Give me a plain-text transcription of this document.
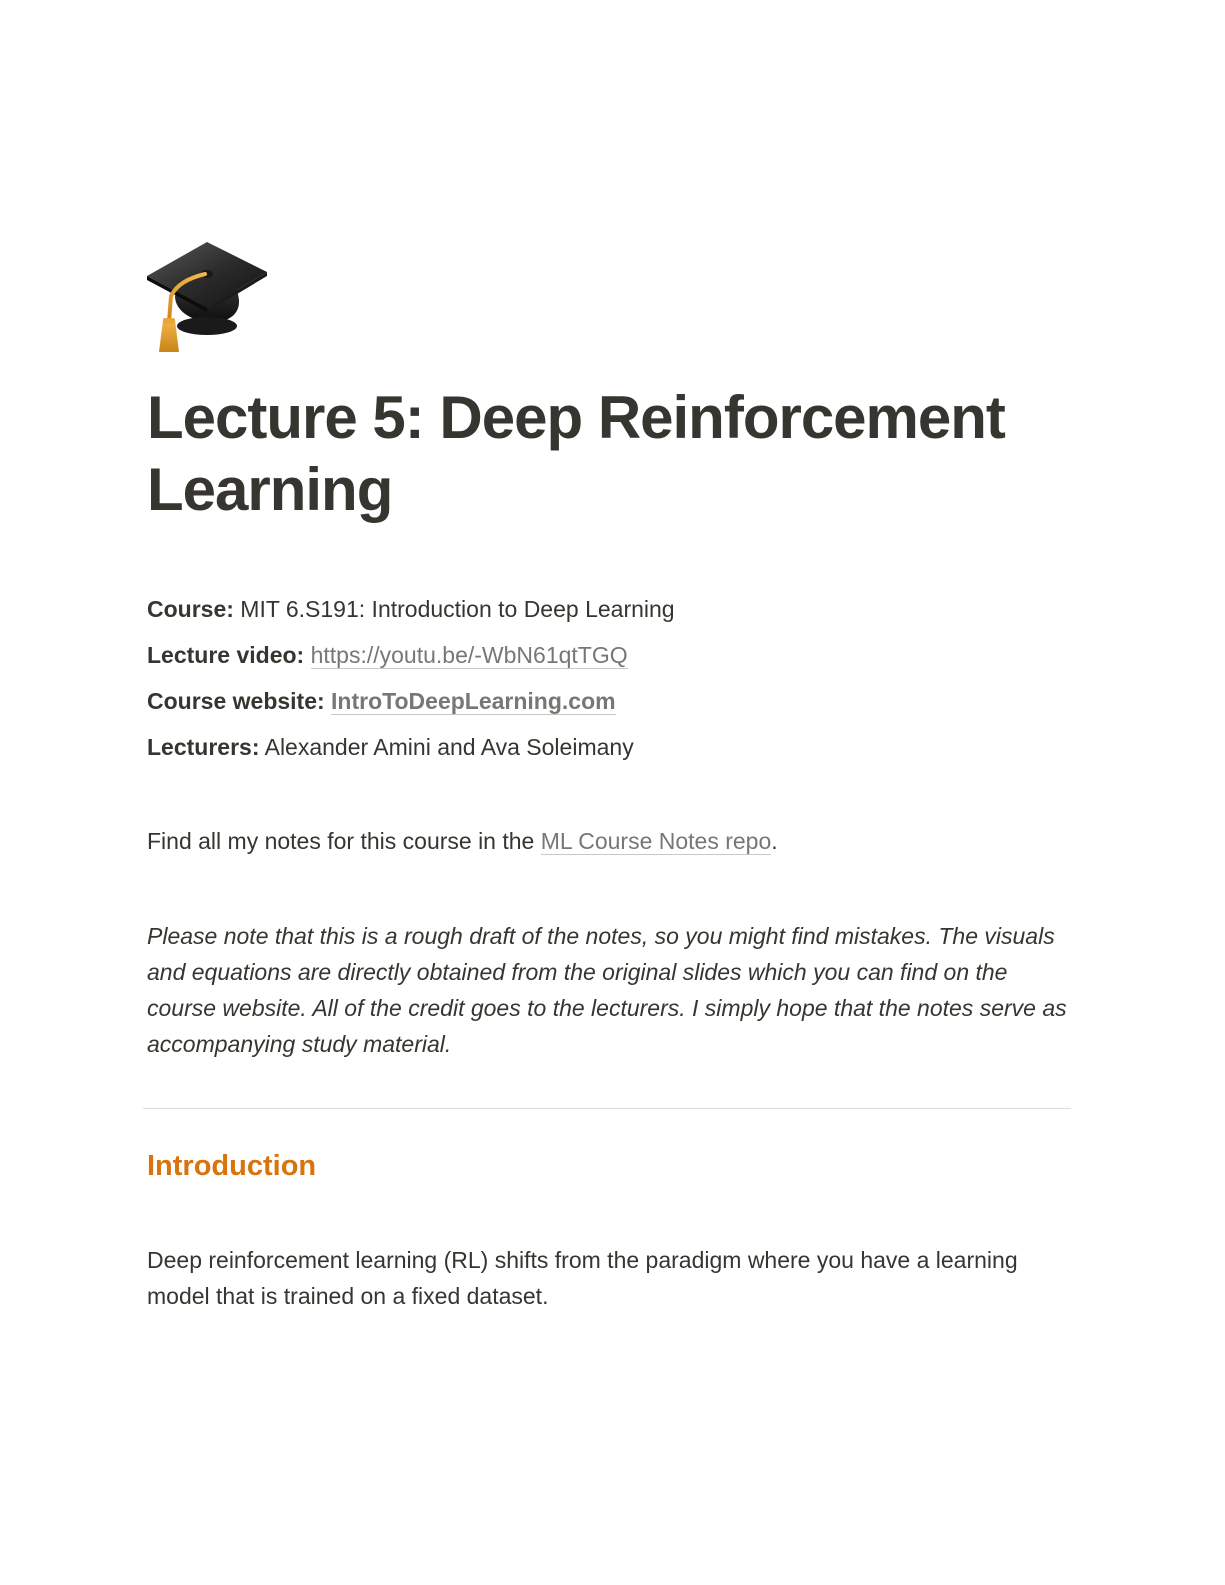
Lecture 5: Deep Reinforcement Learning
Course: MIT 6.S191: Introduction to Deep Learning
Lecture video: https://youtu.be/-WbN61qtTGQ
Course website: IntroToDeepLearning.com
Lecturers: Alexander Amini and Ava Soleimany
Find all my notes for this course in the ML Course Notes repo.
Please note that this is a rough draft of the notes, so you might find mistakes. The visuals and equations are directly obtained from the original slides which you can find on the course website. All of the credit goes to the lecturers. I simply hope that the notes serve as accompanying study material.
Introduction

Deep reinforcement learning (RL) shifts from the paradigm where you have a learning model that is trained on a fixed dataset.
